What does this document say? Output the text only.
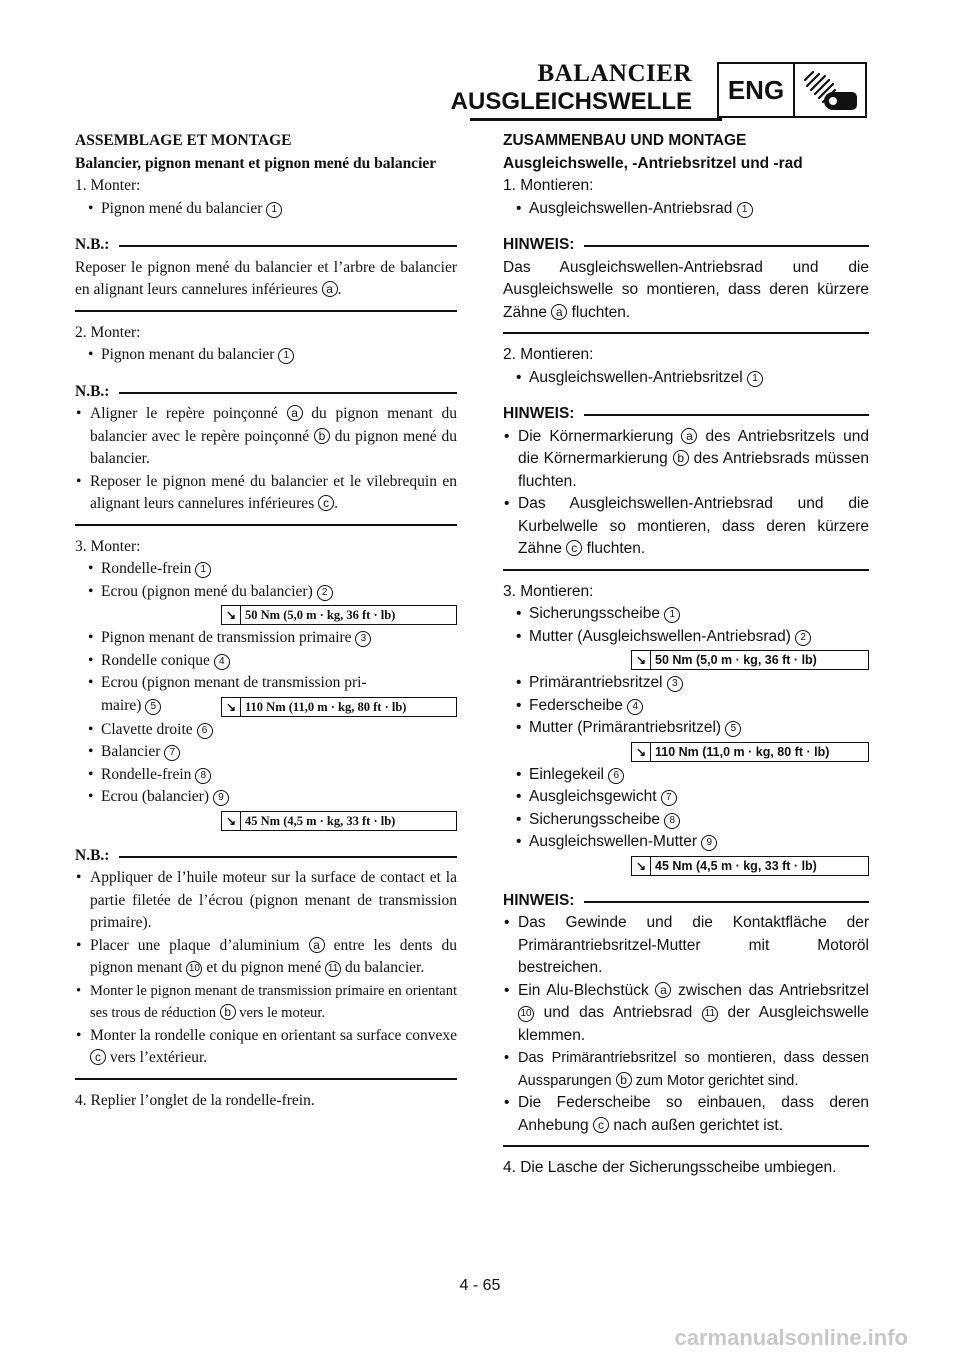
BALANCIER
AUSGLEICHSWELLE	ENG
ASSEMBLAGE ET MONTAGE
Balancier, pignon menant et pignon mené du balancier
1. Monter:
• Pignon mené du balancier 1
N.B.:
Reposer le pignon mené du balancier et l’arbre de balancier en alignant leurs cannelures inférieures a .
2. Monter:
• Pignon menant du balancier 1
N.B.:
• Aligner le repère poinçonné a du pignon menant du balancier avec le repère poinçonné b du pignon mené du balancier.
• Reposer le pignon mené du balancier et le vilebrequin en alignant leurs cannelures inférieures c .
3. Monter:
• Rondelle-frein 1
• Ecrou (pignon mené du balancier) 2
↘ 50 Nm (5,0 m · kg, 36 ft · lb)
• Pignon menant de transmission primaire 3
• Rondelle conique 4
• Ecrou (pignon menant de transmission pri-
maire) 5	↘ 110 Nm (11,0 m · kg, 80 ft · lb)
• Clavette droite 6
• Balancier 7
• Rondelle-frein 8
• Ecrou (balancier) 9
↘ 45 Nm (4,5 m · kg, 33 ft · lb)
N.B.:
• Appliquer de l’huile moteur sur la surface de contact et la partie filetée de l’écrou (pignon menant de transmission primaire).
• Placer une plaque d’aluminium a entre les dents du pignon menant 10 et du pignon mené 11 du balancier.
• Monter le pignon menant de transmission primaire en orientant ses trous de réduction b vers le moteur.
• Monter la rondelle conique en orientant sa surface convexe c vers l’extérieur.
4. Replier l’onglet de la rondelle-frein.
ZUSAMMENBAU UND MONTAGE
Ausgleichswelle, -Antriebsritzel und -rad
1. Montieren:
• Ausgleichswellen-Antriebsrad 1
HINWEIS:
Das Ausgleichswellen-Antriebsrad und die Ausgleichswelle so montieren, dass deren kürzere Zähne a fluchten.
2. Montieren:
• Ausgleichswellen-Antriebsritzel 1
HINWEIS:
• Die Körnermarkierung a des Antriebsritzels und die Körnermarkierung b des Antriebsrads müssen fluchten.
• Das Ausgleichswellen-Antriebsrad und die Kurbelwelle so montieren, dass deren kürzere Zähne c fluchten.
3. Montieren:
• Sicherungsscheibe 1
• Mutter (Ausgleichswellen-Antriebsrad) 2
↘ 50 Nm (5,0 m · kg, 36 ft · lb)
• Primärantriebsritzel 3
• Federscheibe 4
• Mutter (Primärantriebsritzel) 5
↘ 110 Nm (11,0 m · kg, 80 ft · lb)
• Einlegekeil 6
• Ausgleichsgewicht 7
• Sicherungsscheibe 8
• Ausgleichswellen-Mutter 9
↘ 45 Nm (4,5 m · kg, 33 ft · lb)
HINWEIS:
• Das Gewinde und die Kontaktfläche der Primärantriebsritzel-Mutter mit Motoröl bestreichen.
• Ein Alu-Blechstück a zwischen das Antriebsritzel 10 und das Antriebsrad 11 der Ausgleichswelle klemmen.
• Das Primärantriebsritzel so montieren, dass dessen Aussparungen b zum Motor gerichtet sind.
• Die Federscheibe so einbauen, dass deren Anhebung c nach außen gerichtet ist.
4. Die Lasche der Sicherungsscheibe umbiegen.
4 - 65
carmanualsonline.info
